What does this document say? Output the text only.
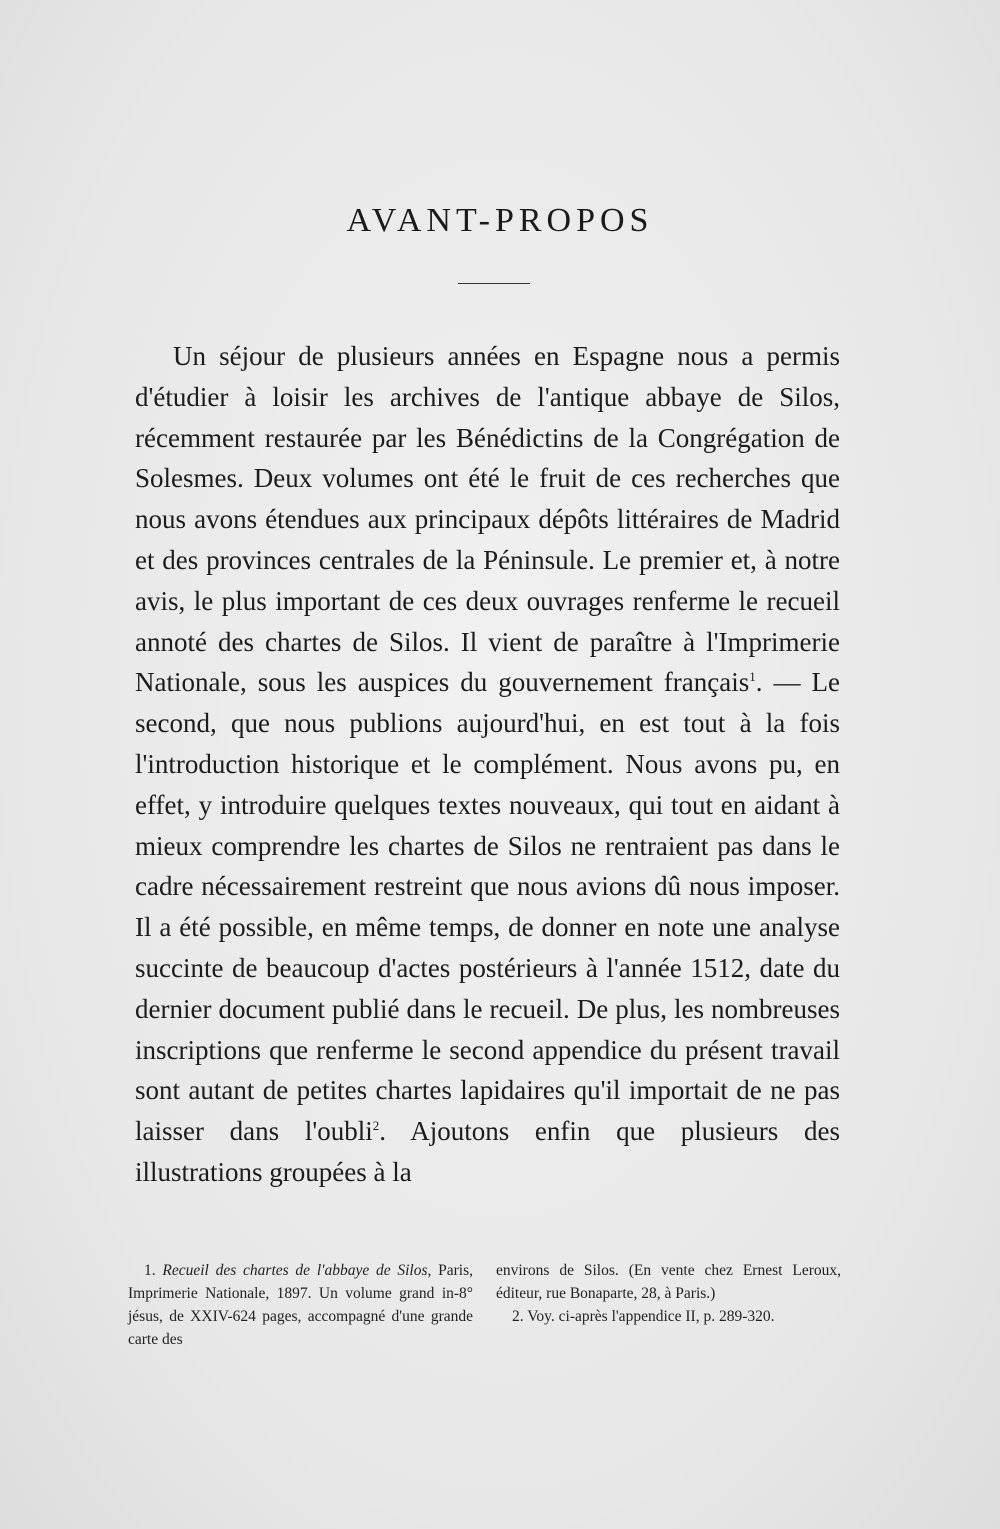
AVANT-PROPOS

Un séjour de plusieurs années en Espagne nous a permis d'étudier à loisir les archives de l'antique abbaye de Silos, récemment restaurée par les Bénédictins de la Congrégation de Solesmes. Deux volumes ont été le fruit de ces recherches que nous avons étendues aux principaux dépôts littéraires de Madrid et des provinces centrales de la Péninsule. Le premier et, à notre avis, le plus important de ces deux ouvrages renferme le recueil annoté des chartes de Silos. Il vient de paraître à l'Imprimerie Nationale, sous les auspices du gouvernement français$^1$. — Le second, que nous publions aujourd'hui, en est tout à la fois l'introduction historique et le complément. Nous avons pu, en effet, y introduire quelques textes nouveaux, qui tout en aidant à mieux comprendre les chartes de Silos ne rentraient pas dans le cadre nécessairement restreint que nous avions dû nous imposer. Il a été possible, en même temps, de donner en note une analyse succinte de beaucoup d'actes postérieurs à l'année 1512, date du dernier document publié dans le recueil. De plus, les nombreuses inscriptions que renferme le second appendice du présent travail sont autant de petites chartes lapidaires qu'il importait de ne pas laisser dans l'oubli$^2$. Ajoutons enfin que plusieurs des illustrations groupées à la

1. Recueil des chartes de l'abbaye de Silos, Paris, Imprimerie Nationale, 1897. Un volume grand in-8° jésus, de XXIV-624 pages, accompagné d'une grande carte des

environs de Silos. (En vente chez Ernest Leroux, éditeur, rue Bonaparte, 28, à Paris.)

2. Voy. ci-après l'appendice II, p. 289-320.
